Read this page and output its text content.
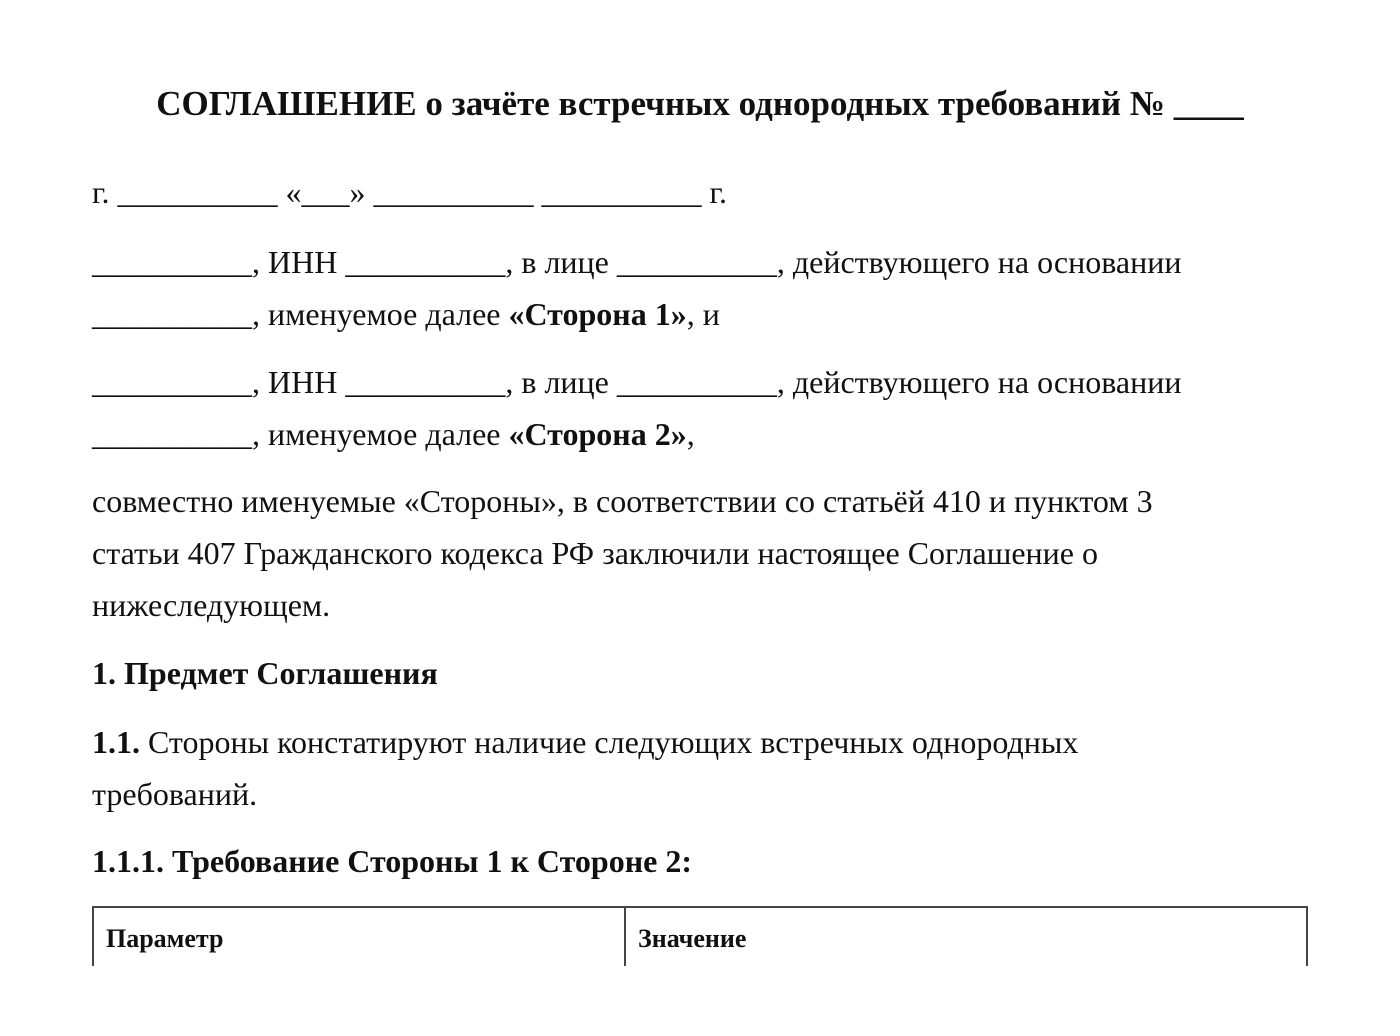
СОГЛАШЕНИЕ о зачёте встречных однородных требований № ____

г. __________ «___» __________ __________ г.

__________, ИНН __________, в лице __________, действующего на основании
__________, именуемое далее «Сторона 1», и
__________, ИНН __________, в лице __________, действующего на основании
__________, именуемое далее «Сторона 2»,
совместно именуемые «Стороны», в соответствии со статьёй 410 и пунктом 3
статьи 407 Гражданского кодекса РФ заключили настоящее Соглашение о
нижеследующем.
1. Предмет Соглашения
1.1. Стороны констатируют наличие следующих встречных однородных
требований.
1.1.1. Требование Стороны 1 к Стороне 2:
Параметр	Значение
